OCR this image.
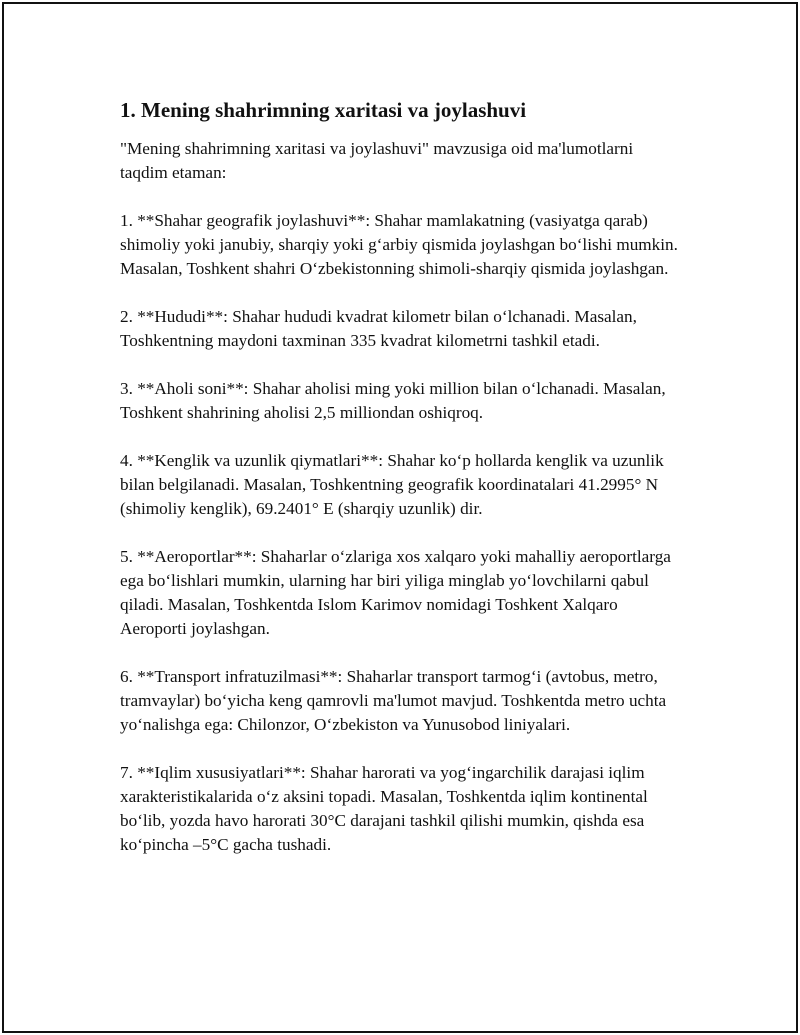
1. Mening shahrimning xaritasi va joylashuvi

"Mening shahrimning xaritasi va joylashuvi" mavzusiga oid ma'lumotlarni taqdim etaman:

1. **Shahar geografik joylashuvi**: Shahar mamlakatning (vasiyatga qarab) shimoliy yoki janubiy, sharqiy yoki g‘arbiy qismida joylashgan bo‘lishi mumkin. Masalan, Toshkent shahri O‘zbekistonning shimoli-sharqiy qismida joylashgan.

2. **Hududi**: Shahar hududi kvadrat kilometr bilan o‘lchanadi. Masalan, Toshkentning maydoni taxminan 335 kvadrat kilometrni tashkil etadi.

3. **Aholi soni**: Shahar aholisi ming yoki million bilan o‘lchanadi. Masalan, Toshkent shahrining aholisi 2,5 milliondan oshiqroq.

4. **Kenglik va uzunlik qiymatlari**: Shahar ko‘p hollarda kenglik va uzunlik bilan belgilanadi. Masalan, Toshkentning geografik koordinatalari 41.2995° N (shimoliy kenglik), 69.2401° E (sharqiy uzunlik) dir.

5. **Aeroportlar**: Shaharlar o‘zlariga xos xalqaro yoki mahalliy aeroportlarga ega bo‘lishlari mumkin, ularning har biri yiliga minglab yo‘lovchilarni qabul qiladi. Masalan, Toshkentda Islom Karimov nomidagi Toshkent Xalqaro Aeroporti joylashgan.

6. **Transport infratuzilmasi**: Shaharlar transport tarmog‘i (avtobus, metro, tramvaylar) bo‘yicha keng qamrovli ma'lumot mavjud. Toshkentda metro uchta yo‘nalishga ega: Chilonzor, O‘zbekiston va Yunusobod liniyalari.

7. **Iqlim xususiyatlari**: Shahar harorati va yog‘ingarchilik darajasi iqlim xarakteristikalarida o‘z aksini topadi. Masalan, Toshkentda iqlim kontinental bo‘lib, yozda havo harorati 30°C darajani tashkil qilishi mumkin, qishda esa ko‘pincha –5°C gacha tushadi.
